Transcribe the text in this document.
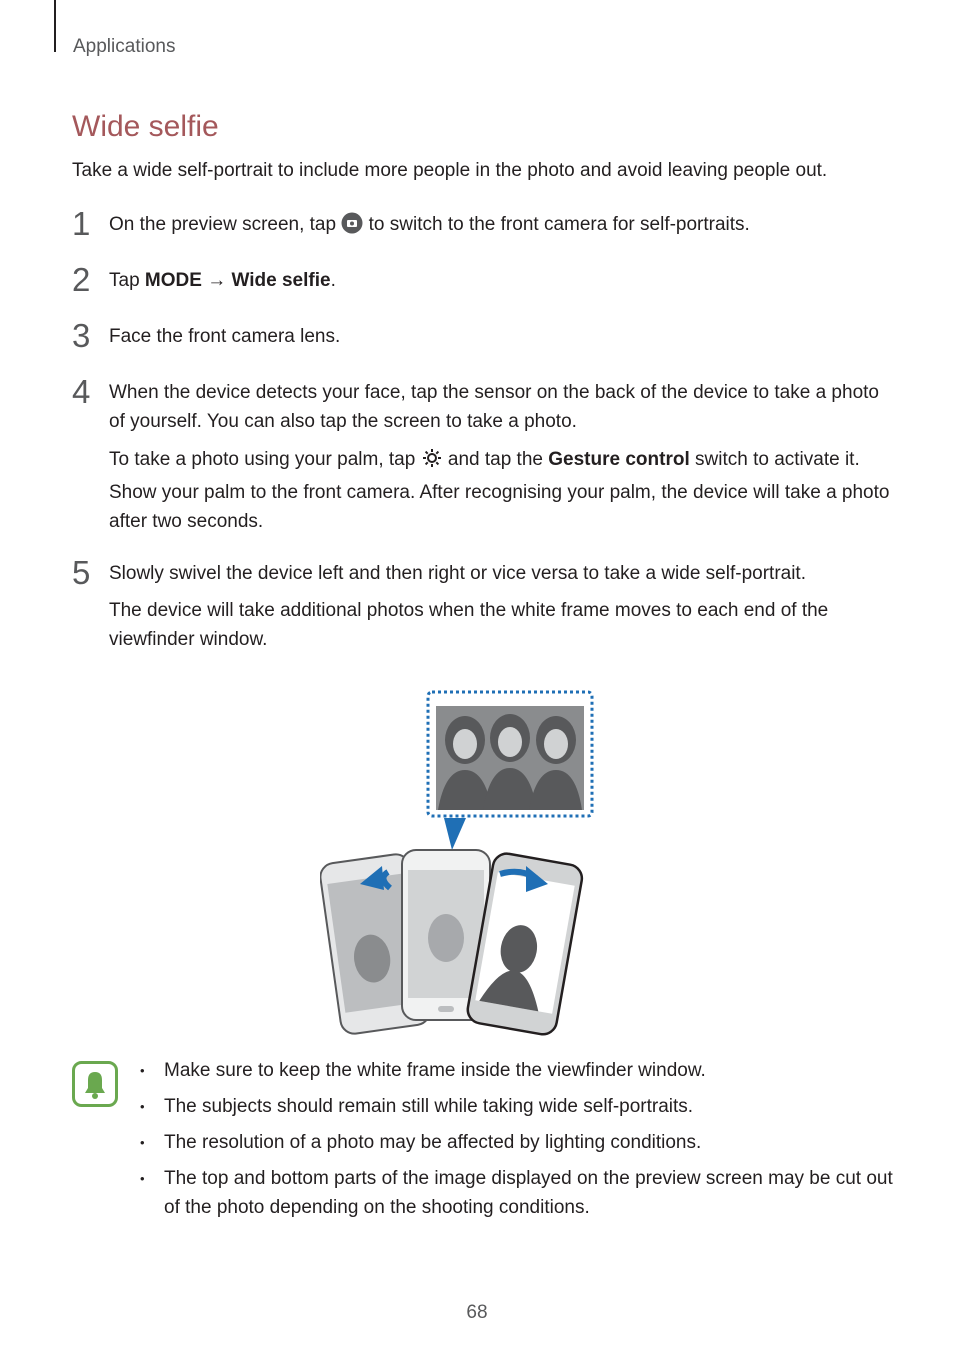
Applications
Wide selfie
Take a wide self-portrait to include more people in the photo and avoid leaving people out.
1 On the preview screen, tap to switch to the front camera for self-portraits.
2 Tap MODE → Wide selfie.
3 Face the front camera lens.
4 When the device detects your face, tap the sensor on the back of the device to take a photo of yourself. You can also tap the screen to take a photo.
To take a photo using your palm, tap and tap the Gesture control switch to activate it. Show your palm to the front camera. After recognising your palm, the device will take a photo after two seconds.
5 Slowly swivel the device left and then right or vice versa to take a wide self-portrait.
The device will take additional photos when the white frame moves to each end of the viewfinder window.
• Make sure to keep the white frame inside the viewfinder window.
• The subjects should remain still while taking wide self-portraits.
• The resolution of a photo may be affected by lighting conditions.
• The top and bottom parts of the image displayed on the preview screen may be cut out of the photo depending on the shooting conditions.
68
